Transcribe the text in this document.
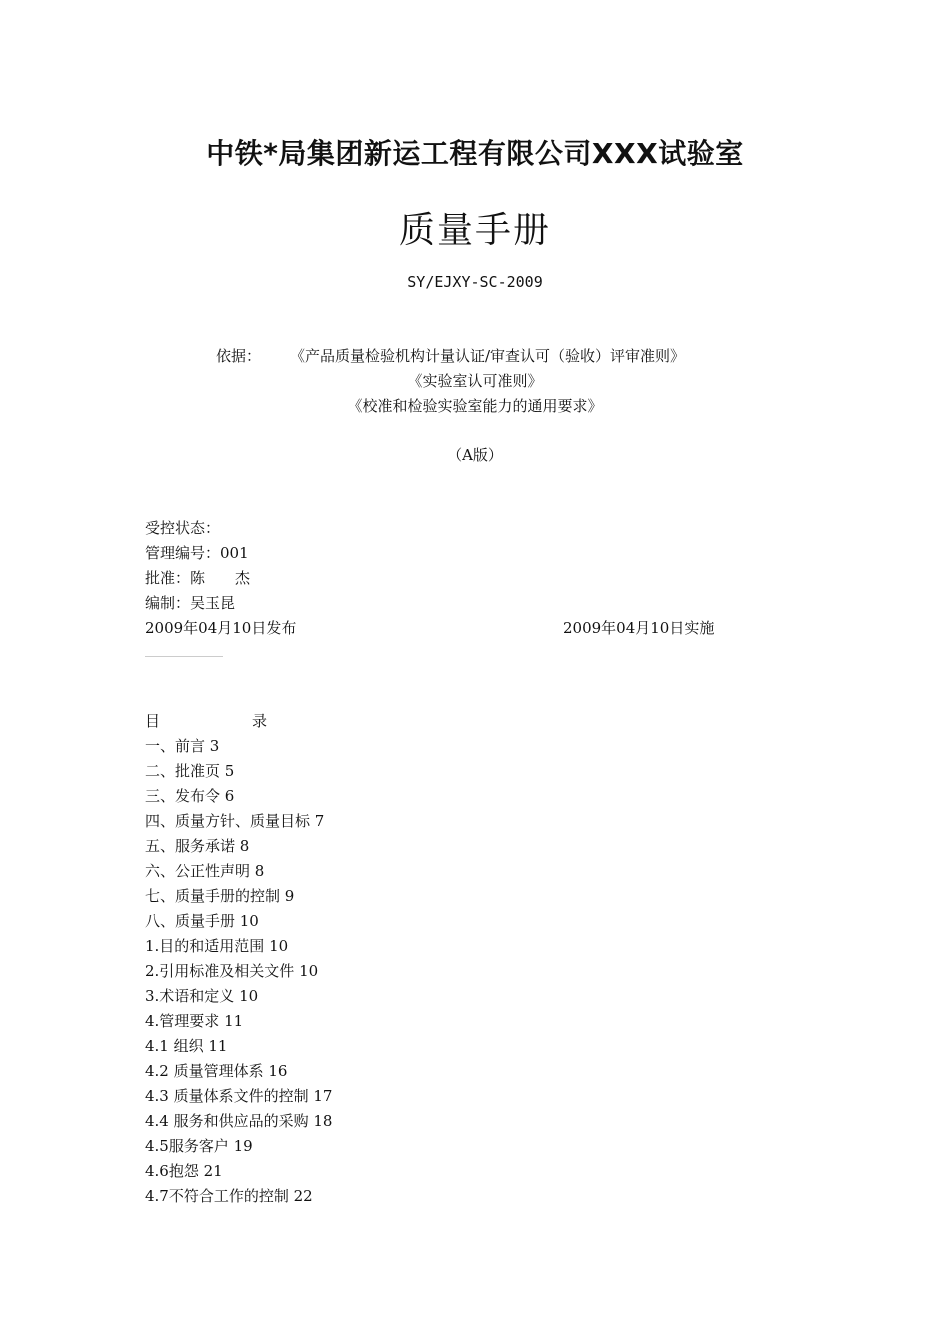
中铁*局集团新运工程有限公司XXX试验室
质量手册
SY/EJXY-SC-2009
依据： 《产品质量检验机构计量认证/审查认可（验收）评审准则》
《实验室认可准则》
《校准和检验实验室能力的通用要求》
（A版）
受控状态：
管理编号：001
批准：陈　　杰
编制：吴玉昆
2009年04月10日发布	2009年04月10日实施
目	录
一、前言 3
二、批准页 5
三、发布令 6
四、质量方针、质量目标 7
五、服务承诺 8
六、公正性声明 8
七、质量手册的控制 9
八、质量手册 10
1.目的和适用范围 10
2.引用标准及相关文件 10
3.术语和定义 10
4.管理要求 11
4.1 组织 11
4.2 质量管理体系 16
4.3 质量体系文件的控制 17
4.4 服务和供应品的采购 18
4.5服务客户 19
4.6抱怨 21
4.7不符合工作的控制 22
